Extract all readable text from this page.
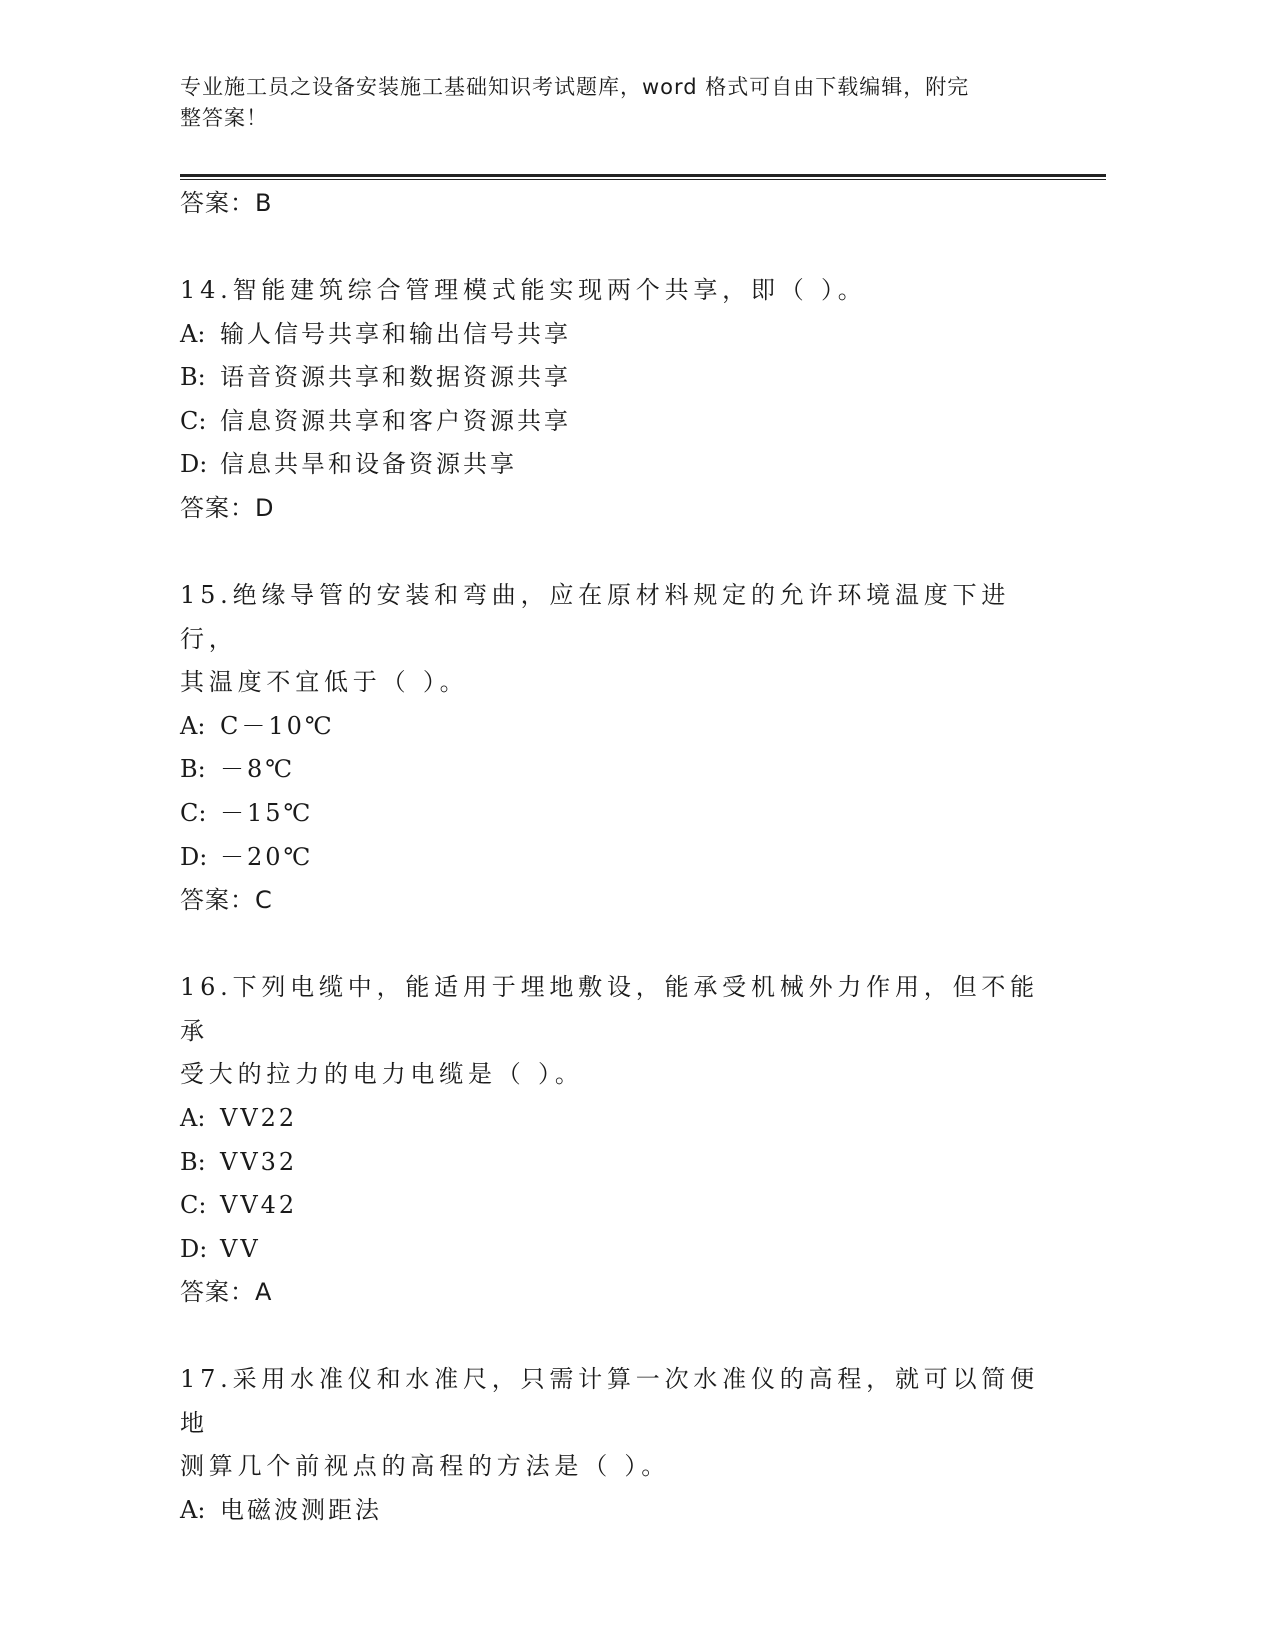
专业施工员之设备安装施工基础知识考试题库，word 格式可自由下载编辑，附完
整答案！
答案：B
14.智能建筑综合管理模式能实现两个共享，即（ ）。
A: 输人信号共享和输出信号共享
B: 语音资源共享和数据资源共享
C: 信息资源共享和客户资源共享
D: 信息共旱和设备资源共享
答案：D
15.绝缘导管的安装和弯曲，应在原材料规定的允许环境温度下进行，
其温度不宜低于（ ）。
A: C－10℃
B: －8℃
C: －15℃
D: －20℃
答案：C
16.下列电缆中，能适用于埋地敷设，能承受机械外力作用，但不能承
受大的拉力的电力电缆是（ ）。
A: VV22
B: VV32
C: VV42
D: VV
答案：A
17.采用水准仪和水准尺，只需计算一次水准仪的高程，就可以简便地
测算几个前视点的高程的方法是（ ）。
A: 电磁波测距法
